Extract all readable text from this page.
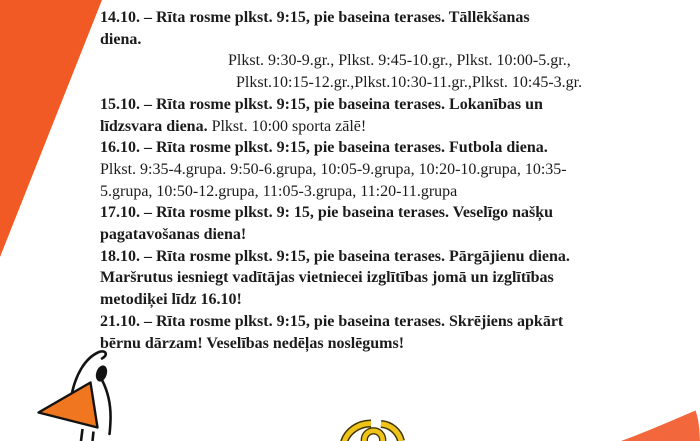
14.10. – Rīta rosme plkst. 9:15, pie baseina terases. Tāllēkšanas
diena.
Plkst. 9:30-9.gr., Plkst. 9:45-10.gr., Plkst. 10:00-5.gr.,
Plkst.10:15-12.gr.,Plkst.10:30-11.gr.,Plkst. 10:45-3.gr.
15.10. – Rīta rosme plkst. 9:15, pie baseina terases. Lokanības un
līdzsvara diena. Plkst. 10:00 sporta zālē!
16.10. – Rīta rosme plkst. 9:15, pie baseina terases. Futbola diena.
Plkst. 9:35-4.grupa. 9:50-6.grupa, 10:05-9.grupa, 10:20-10.grupa, 10:35-
5.grupa, 10:50-12.grupa, 11:05-3.grupa, 11:20-11.grupa
17.10. – Rīta rosme plkst. 9: 15, pie baseina terases. Veselīgo našķu
pagatavošanas diena!
18.10. – Rīta rosme plkst. 9:15, pie baseina terases. Pārgājienu diena.
Maršrutus iesniegt vadītājas vietniecei izglītības jomā un izglītības
metodiķei līdz 16.10!
21.10. – Rīta rosme plkst. 9:15, pie baseina terases. Skrējiens apkārt
bērnu dārzam! Veselības nedēļas noslēgums!
